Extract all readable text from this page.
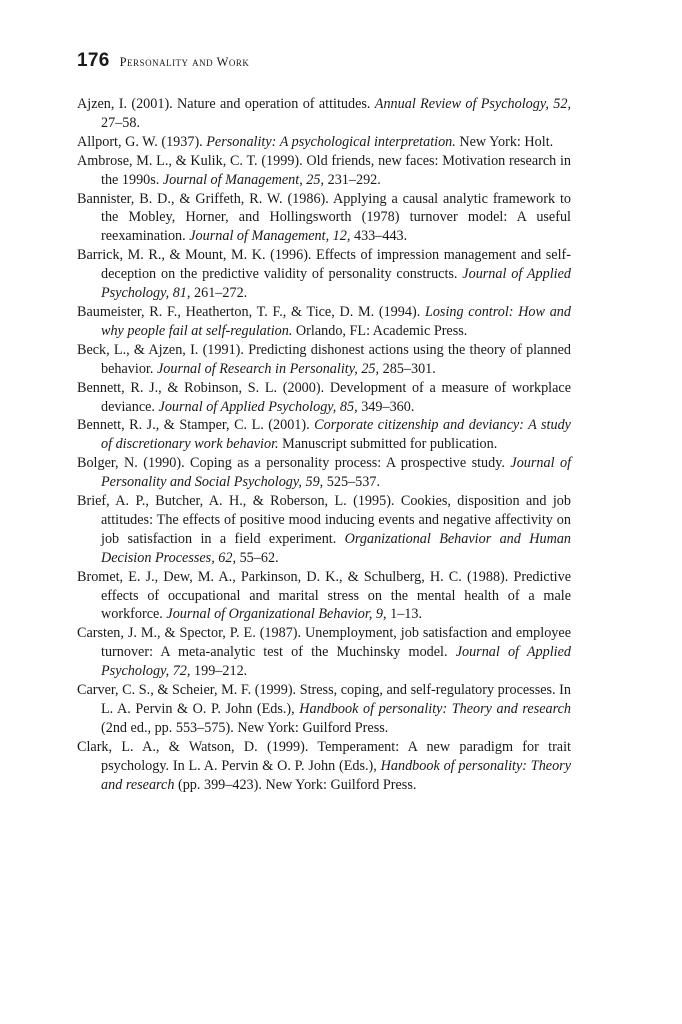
176 Personality and Work
Ajzen, I. (2001). Nature and operation of attitudes. Annual Review of Psychology, 52, 27–58.
Allport, G. W. (1937). Personality: A psychological interpretation. New York: Holt.
Ambrose, M. L., & Kulik, C. T. (1999). Old friends, new faces: Motivation research in the 1990s. Journal of Management, 25, 231–292.
Bannister, B. D., & Griffeth, R. W. (1986). Applying a causal analytic framework to the Mobley, Horner, and Hollingsworth (1978) turnover model: A useful reexamination. Journal of Management, 12, 433–443.
Barrick, M. R., & Mount, M. K. (1996). Effects of impression management and self-deception on the predictive validity of personality constructs. Journal of Applied Psychology, 81, 261–272.
Baumeister, R. F., Heatherton, T. F., & Tice, D. M. (1994). Losing control: How and why people fail at self-regulation. Orlando, FL: Academic Press.
Beck, L., & Ajzen, I. (1991). Predicting dishonest actions using the theory of planned behavior. Journal of Research in Personality, 25, 285–301.
Bennett, R. J., & Robinson, S. L. (2000). Development of a measure of workplace deviance. Journal of Applied Psychology, 85, 349–360.
Bennett, R. J., & Stamper, C. L. (2001). Corporate citizenship and deviancy: A study of discretionary work behavior. Manuscript submitted for publication.
Bolger, N. (1990). Coping as a personality process: A prospective study. Journal of Personality and Social Psychology, 59, 525–537.
Brief, A. P., Butcher, A. H., & Roberson, L. (1995). Cookies, disposition and job attitudes: The effects of positive mood inducing events and negative affectivity on job satisfaction in a field experiment. Organizational Behavior and Human Decision Processes, 62, 55–62.
Bromet, E. J., Dew, M. A., Parkinson, D. K., & Schulberg, H. C. (1988). Predictive effects of occupational and marital stress on the mental health of a male workforce. Journal of Organizational Behavior, 9, 1–13.
Carsten, J. M., & Spector, P. E. (1987). Unemployment, job satisfaction and employee turnover: A meta-analytic test of the Muchinsky model. Journal of Applied Psychology, 72, 199–212.
Carver, C. S., & Scheier, M. F. (1999). Stress, coping, and self-regulatory processes. In L. A. Pervin & O. P. John (Eds.), Handbook of personality: Theory and research (2nd ed., pp. 553–575). New York: Guilford Press.
Clark, L. A., & Watson, D. (1999). Temperament: A new paradigm for trait psychology. In L. A. Pervin & O. P. John (Eds.), Handbook of personality: Theory and research (pp. 399–423). New York: Guilford Press.
